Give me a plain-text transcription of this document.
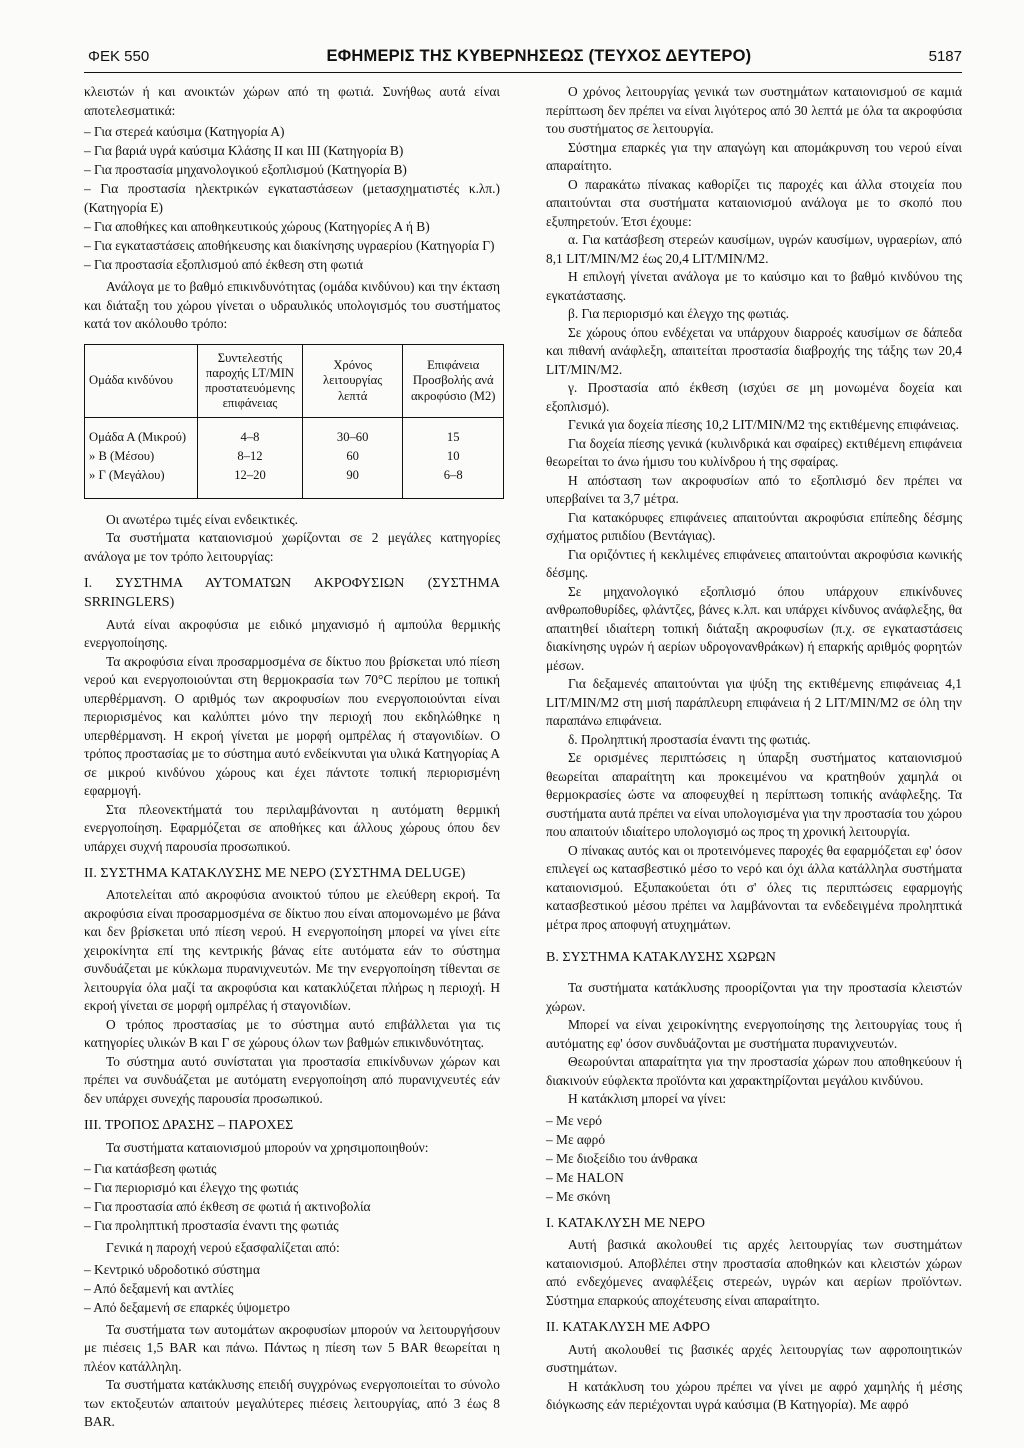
ΦΕΚ 550	ΕΦΗΜΕΡΙΣ ΤΗΣ ΚΥΒΕΡΝΗΣΕΩΣ (ΤΕΥΧΟΣ ΔΕΥΤΕΡΟ)	5187

κλειστών ή και ανοικτών χώρων από τη φωτιά. Συνήθως αυτά είναι αποτελεσματικά:

– Για στερεά καύσιμα (Κατηγορία Α)
– Για βαριά υγρά καύσιμα Κλάσης ΙΙ και ΙΙΙ (Κατηγορία Β)
– Για προστασία μηχανολογικού εξοπλισμού (Κατηγορία Β)
– Για προστασία ηλεκτρικών εγκαταστάσεων (μετασχηματιστές κ.λπ.) (Κατηγορία Ε)
– Για αποθήκες και αποθηκευτικούς χώρους (Κατηγορίες Α ή Β)
– Για εγκαταστάσεις αποθήκευσης και διακίνησης υγραερίου (Κατηγορία Γ)
– Για προστασία εξοπλισμού από έκθεση στη φωτιά

Ανάλογα με το βαθμό επικινδυνότητας (ομάδα κινδύνου) και την έκταση και διάταξη του χώρου γίνεται ο υδραυλικός υπολογισμός του συστήματος κατά τον ακόλουθο τρόπο:

Ομάδα κινδύνου	Συντελεστής παροχής LT/MIN προστατευόμενης επιφάνειας	Χρόνος λειτουργίας λεπτά	Επιφάνεια Προσβολής ανά ακροφύσιο (Μ2)
Ομάδα Α (Μικρού)	4–8	30–60	15
» Β (Μέσου)	8–12	60	10
» Γ (Μεγάλου)	12–20	90	6–8

Οι ανωτέρω τιμές είναι ενδεικτικές.

Τα συστήματα καταιονισμού χωρίζονται σε 2 μεγάλες κατηγορίες ανάλογα με τον τρόπο λειτουργίας:

Ι. ΣΥΣΤΗΜΑ ΑΥΤΟΜΑΤΩΝ ΑΚΡΟΦΥΣΙΩΝ (ΣΥΣΤΗΜΑ SRRINGLERS)

Αυτά είναι ακροφύσια με ειδικό μηχανισμό ή αμπούλα θερμικής ενεργοποίησης.

Τα ακροφύσια είναι προσαρμοσμένα σε δίκτυο που βρίσκεται υπό πίεση νερού και ενεργοποιούνται στη θερμοκρασία των 70°C περίπου με τοπική υπερθέρμανση. Ο αριθμός των ακροφυσίων που ενεργοποιούνται είναι περιορισμένος και καλύπτει μόνο την περιοχή που εκδηλώθηκε η υπερθέρμανση. Η εκροή γίνεται με μορφή ομπρέλας ή σταγονιδίων. Ο τρόπος προστασίας με το σύστημα αυτό ενδείκνυται για υλικά Κατηγορίας Α σε μικρού κινδύνου χώρους και έχει πάντοτε τοπική περιορισμένη εφαρμογή.

Στα πλεονεκτήματά του περιλαμβάνονται η αυτόματη θερμική ενεργοποίηση. Εφαρμόζεται σε αποθήκες και άλλους χώρους όπου δεν υπάρχει συχνή παρουσία προσωπικού.

ΙΙ. ΣΥΣΤΗΜΑ ΚΑΤΑΚΛΥΣΗΣ ΜΕ ΝΕΡΟ (ΣΥΣΤΗΜΑ DELUGE)

Αποτελείται από ακροφύσια ανοικτού τύπου με ελεύθερη εκροή. Τα ακροφύσια είναι προσαρμοσμένα σε δίκτυο που είναι απομονωμένο με βάνα και δεν βρίσκεται υπό πίεση νερού. Η ενεργοποίηση μπορεί να γίνει είτε χειροκίνητα επί της κεντρικής βάνας είτε αυτόματα εάν το σύστημα συνδυάζεται με κύκλωμα πυρανιχνευτών. Με την ενεργοποίηση τίθενται σε λειτουργία όλα μαζί τα ακροφύσια και κατακλύζεται πλήρως η περιοχή. Η εκροή γίνεται σε μορφή ομπρέλας ή σταγονιδίων.

Ο τρόπος προστασίας με το σύστημα αυτό επιβάλλεται για τις κατηγορίες υλικών Β και Γ σε χώρους όλων των βαθμών επικινδυνότητας.

Το σύστημα αυτό συνίσταται για προστασία επικίνδυνων χώρων και πρέπει να συνδυάζεται με αυτόματη ενεργοποίηση από πυρανιχνευτές εάν δεν υπάρχει συνεχής παρουσία προσωπικού.

ΙΙΙ. ΤΡΟΠΟΣ ΔΡΑΣΗΣ – ΠΑΡΟΧΕΣ

Τα συστήματα καταιονισμού μπορούν να χρησιμοποιηθούν:

– Για κατάσβεση φωτιάς
– Για περιορισμό και έλεγχο της φωτιάς
– Για προστασία από έκθεση σε φωτιά ή ακτινοβολία
– Για προληπτική προστασία έναντι της φωτιάς

Γενικά η παροχή νερού εξασφαλίζεται από:

– Κεντρικό υδροδοτικό σύστημα
– Από δεξαμενή και αντλίες
– Από δεξαμενή σε επαρκές ύψομετρο

Τα συστήματα των αυτομάτων ακροφυσίων μπορούν να λειτουργήσουν με πιέσεις 1,5 BAR και πάνω. Πάντως η πίεση των 5 BAR θεωρείται η πλέον κατάλληλη.

Τα συστήματα κατάκλυσης επειδή συγχρόνως ενεργοποιείται το σύνολο των εκτοξευτών απαιτούν μεγαλύτερες πιέσεις λειτουργίας, από 3 έως 8 BAR.

Ο χρόνος λειτουργίας γενικά των συστημάτων καταιονισμού σε καμιά περίπτωση δεν πρέπει να είναι λιγότερος από 30 λεπτά με όλα τα ακροφύσια του συστήματος σε λειτουργία.

Σύστημα επαρκές για την απαγώγη και απομάκρυνση του νερού είναι απαραίτητο.

Ο παρακάτω πίνακας καθορίζει τις παροχές και άλλα στοιχεία που απαιτούνται στα συστήματα καταιονισμού ανάλογα με το σκοπό που εξυπηρετούν. Έτσι έχουμε:

α. Για κατάσβεση στερεών καυσίμων, υγρών καυσίμων, υγραερίων, από 8,1 LIT/MIN/M2 έως 20,4 LIT/MIN/M2.

Η επιλογή γίνεται ανάλογα με το καύσιμο και το βαθμό κινδύνου της εγκατάστασης.

β. Για περιορισμό και έλεγχο της φωτιάς.

Σε χώρους όπου ενδέχεται να υπάρχουν διαρροές καυσίμων σε δάπεδα και πιθανή ανάφλεξη, απαιτείται προστασία διαβροχής της τάξης των 20,4 LIT/MIN/M2.

γ. Προστασία από έκθεση (ισχύει σε μη μονωμένα δοχεία και εξοπλισμό).

Γενικά για δοχεία πίεσης 10,2 LIT/MIN/M2 της εκτιθέμενης επιφάνειας.

Για δοχεία πίεσης γενικά (κυλινδρικά και σφαίρες) εκτιθέμενη επιφάνεια θεωρείται το άνω ήμισυ του κυλίνδρου ή της σφαίρας.

Η απόσταση των ακροφυσίων από το εξοπλισμό δεν πρέπει να υπερβαίνει τα 3,7 μέτρα.

Για κατακόρυφες επιφάνειες απαιτούνται ακροφύσια επίπεδης δέσμης σχήματος ριπιδίου (Βεντάγιας).

Για οριζόντιες ή κεκλιμένες επιφάνειες απαιτούνται ακροφύσια κωνικής δέσμης.

Σε μηχανολογικό εξοπλισμό όπου υπάρχουν επικίνδυνες ανθρωποθυρίδες, φλάντζες, βάνες κ.λπ. και υπάρχει κίνδυνος ανάφλεξης, θα απαιτηθεί ιδιαίτερη τοπική διάταξη ακροφυσίων (π.χ. σε εγκαταστάσεις διακίνησης υγρών ή αερίων υδρογονανθράκων) ή επαρκής αριθμός φορητών μέσων.

Για δεξαμενές απαιτούνται για ψύξη της εκτιθέμενης επιφάνειας 4,1 LIT/MIN/M2 στη μισή παράπλευρη επιφάνεια ή 2 LIT/MIN/M2 σε όλη την παραπάνω επιφάνεια.

δ. Προληπτική προστασία έναντι της φωτιάς.

Σε ορισμένες περιπτώσεις η ύπαρξη συστήματος καταιονισμού θεωρείται απαραίτητη και προκειμένου να κρατηθούν χαμηλά οι θερμοκρασίες ώστε να αποφευχθεί η περίπτωση τοπικής ανάφλεξης. Τα συστήματα αυτά πρέπει να είναι υπολογισμένα για την προστασία του χώρου που απαιτούν ιδιαίτερο υπολογισμό ως προς τη χρονική λειτουργία.

Ο πίνακας αυτός και οι προτεινόμενες παροχές θα εφαρμόζεται εφ' όσον επιλεγεί ως κατασβεστικό μέσο το νερό και όχι άλλα κατάλληλα συστήματα καταιονισμού. Εξυπακούεται ότι σ' όλες τις περιπτώσεις εφαρμογής κατασβεστικού μέσου πρέπει να λαμβάνονται τα ενδεδειγμένα προληπτικά μέτρα προς αποφυγή ατυχημάτων.

Β. ΣΥΣΤΗΜΑ ΚΑΤΑΚΛΥΣΗΣ ΧΩΡΩΝ

Τα συστήματα κατάκλυσης προορίζονται για την προστασία κλειστών χώρων.

Μπορεί να είναι χειροκίνητης ενεργοποίησης της λειτουργίας τους ή αυτόματης εφ' όσον συνδυάζονται με συστήματα πυρανιχνευτών.

Θεωρούνται απαραίτητα για την προστασία χώρων που αποθηκεύουν ή διακινούν εύφλεκτα προϊόντα και χαρακτηρίζονται μεγάλου κινδύνου.

Η κατάκλιση μπορεί να γίνει:

– Με νερό
– Με αφρό
– Με διοξείδιο του άνθρακα
– Με HALON
– Με σκόνη
Ι. ΚΑΤΑΚΛΥΣΗ ΜΕ ΝΕΡΟ

Αυτή βασικά ακολουθεί τις αρχές λειτουργίας των συστημάτων καταιονισμού. Αποβλέπει στην προστασία αποθηκών και κλειστών χώρων από ενδεχόμενες αναφλέξεις στερεών, υγρών και αερίων προϊόντων. Σύστημα επαρκούς αποχέτευσης είναι απαραίτητο.

ΙΙ. ΚΑΤΑΚΛΥΣΗ ΜΕ ΑΦΡΟ

Αυτή ακολουθεί τις βασικές αρχές λειτουργίας των αφροποιητικών συστημάτων.

Η κατάκλυση του χώρου πρέπει να γίνει με αφρό χαμηλής ή μέσης διόγκωσης εάν περιέχονται υγρά καύσιμα (Β Κατηγορία). Με αφρό
